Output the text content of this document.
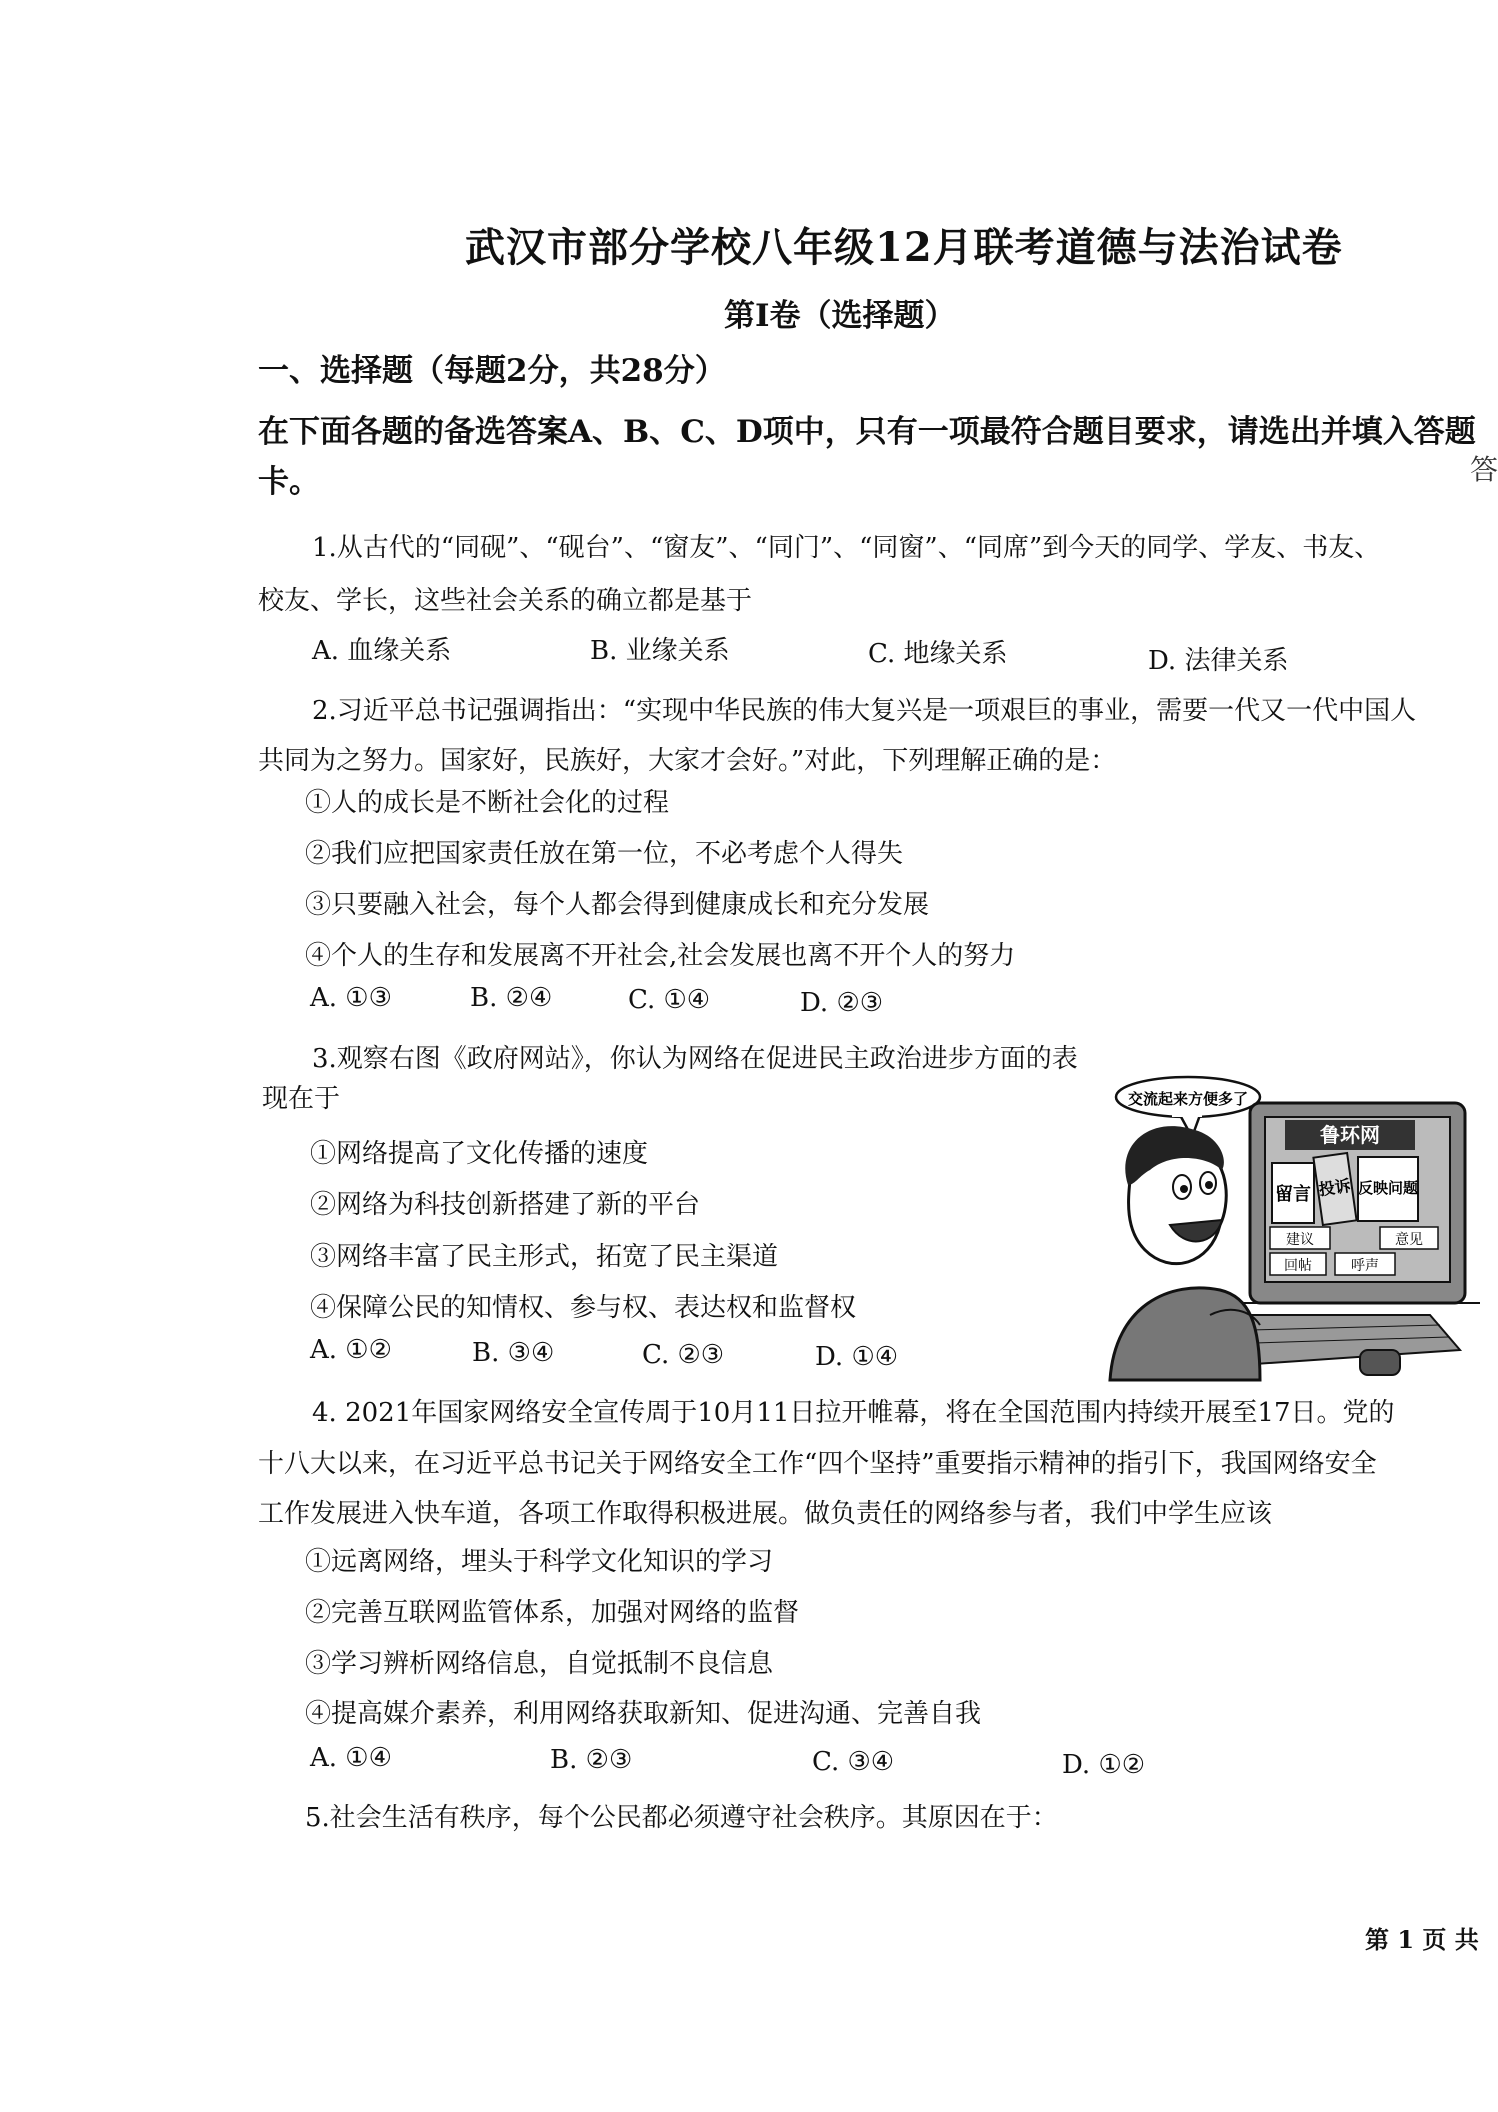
武汉市部分学校八年级12月联考道德与法治试卷
第Ⅰ卷（选择题）
一、选择题（每题2分，共28分）
在下面各题的备选答案A、B、C、D项中，只有一项最符合题目要求，请选出并填入答题
卡。	答
1.从古代的“同砚”、“砚台”、“窗友”、“同门”、“同窗”、“同席”到今天的同学、学友、书友、
校友、学长，这些社会关系的确立都是基于
A. 血缘关系	B. 业缘关系	C. 地缘关系	D. 法律关系
2.习近平总书记强调指出：“实现中华民族的伟大复兴是一项艰巨的事业，需要一代又一代中国人
共同为之努力。国家好，民族好，大家才会好。”对此，下列理解正确的是：
①人的成长是不断社会化的过程
②我们应把国家责任放在第一位，不必考虑个人得失
③只要融入社会，每个人都会得到健康成长和充分发展
④个人的生存和发展离不开社会,社会发展也离不开个人的努力
A. ①③	B. ②④	C. ①④	D. ②③
3.观察右图《政府网站》，你认为网络在促进民主政治进步方面的表
现在于
①网络提高了文化传播的速度
②网络为科技创新搭建了新的平台
③网络丰富了民主形式，拓宽了民主渠道
④保障公民的知情权、参与权、表达权和监督权
A. ①②	B. ③④	C. ②③	D. ①④
交流起来方便多了
鲁环网
留言 投诉 反映问题
建议	意见
回帖	呼声
4. 2021年国家网络安全宣传周于10月11日拉开帷幕，将在全国范围内持续开展至17日。党的
十八大以来，在习近平总书记关于网络安全工作“四个坚持”重要指示精神的指引下，我国网络安全
工作发展进入快车道，各项工作取得积极进展。做负责任的网络参与者，我们中学生应该
①远离网络，埋头于科学文化知识的学习
②完善互联网监管体系，加强对网络的监督
③学习辨析网络信息，自觉抵制不良信息
④提高媒介素养，利用网络获取新知、促进沟通、完善自我
A. ①④	B. ②③	C. ③④	D. ①②
5.社会生活有秩序，每个公民都必须遵守社会秩序。其原因在于：
第 1 页 共
